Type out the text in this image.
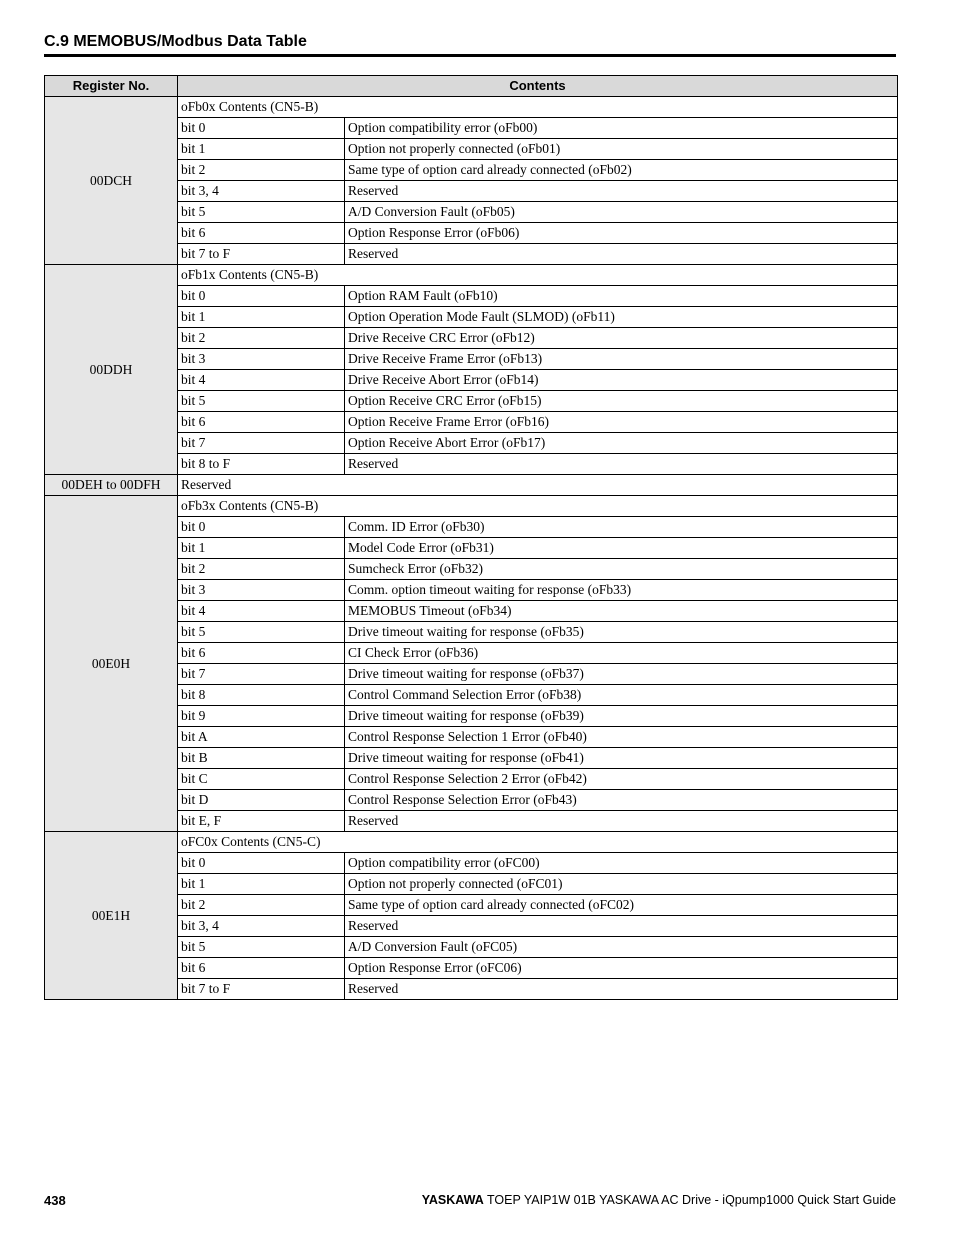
C.9 MEMOBUS/Modbus Data Table
Register No.	Contents	
00DCH	oFb0x Contents (CN5-B)	
	bit 0	Option compatibility error (oFb00)
	bit 1	Option not properly connected (oFb01)
	bit 2	Same type of option card already connected (oFb02)
	bit 3, 4	Reserved
	bit 5	A/D Conversion Fault (oFb05)
	bit 6	Option Response Error (oFb06)
	bit 7 to F	Reserved
00DDH	oFb1x Contents (CN5-B)	
	bit 0	Option RAM Fault (oFb10)
	bit 1	Option Operation Mode Fault (SLMOD) (oFb11)
	bit 2	Drive Receive CRC Error (oFb12)
	bit 3	Drive Receive Frame Error (oFb13)
	bit 4	Drive Receive Abort Error (oFb14)
	bit 5	Option Receive CRC Error (oFb15)
	bit 6	Option Receive Frame Error (oFb16)
	bit 7	Option Receive Abort Error (oFb17)
	bit 8 to F	Reserved
00DEH to 00DFH	Reserved	
00E0H	oFb3x Contents (CN5-B)	
	bit 0	Comm. ID Error (oFb30)
	bit 1	Model Code Error (oFb31)
	bit 2	Sumcheck Error (oFb32)
	bit 3	Comm. option timeout waiting for response (oFb33)
	bit 4	MEMOBUS Timeout (oFb34)
	bit 5	Drive timeout waiting for response (oFb35)
	bit 6	CI Check Error (oFb36)
	bit 7	Drive timeout waiting for response (oFb37)
	bit 8	Control Command Selection Error (oFb38)
	bit 9	Drive timeout waiting for response (oFb39)
	bit A	Control Response Selection 1 Error (oFb40)
	bit B	Drive timeout waiting for response (oFb41)
	bit C	Control Response Selection 2 Error (oFb42)
	bit D	Control Response Selection Error (oFb43)
	bit E, F	Reserved
00E1H	oFC0x Contents (CN5-C)	
	bit 0	Option compatibility error (oFC00)
	bit 1	Option not properly connected (oFC01)
	bit 2	Same type of option card already connected (oFC02)
	bit 3, 4	Reserved
	bit 5	A/D Conversion Fault (oFC05)
	bit 6	Option Response Error (oFC06)
	bit 7 to F	Reserved
438	YASKAWA TOEP YAIP1W 01B YASKAWA AC Drive - iQpump1000 Quick Start Guide
